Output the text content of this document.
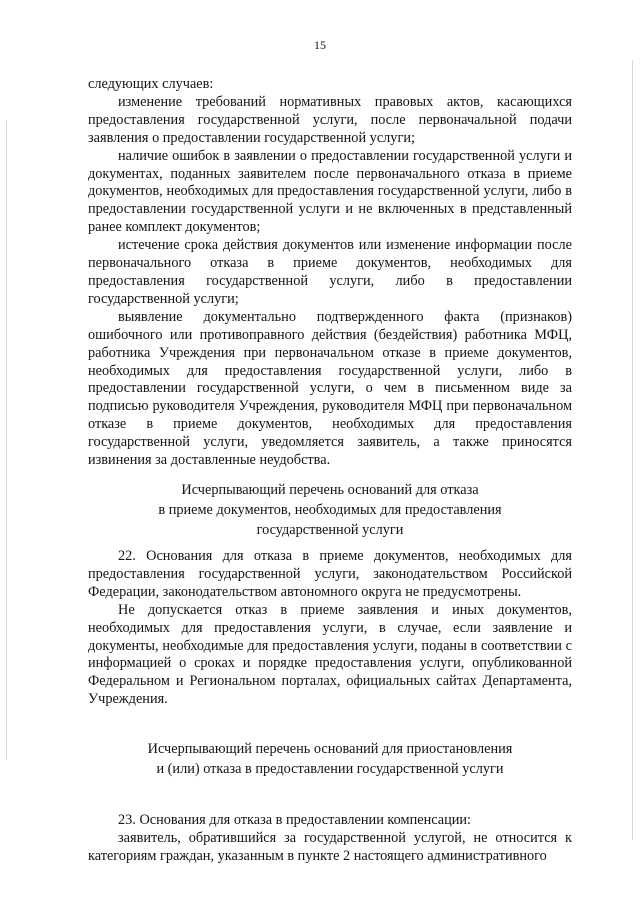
15

следующих случаев:

изменение требований нормативных правовых актов, касающихся предоставления государственной услуги, после первоначальной подачи заявления о предоставлении государственной услуги;

наличие ошибок в заявлении о предоставлении государственной услуги и документах, поданных заявителем после первоначального отказа в приеме документов, необходимых для предоставления государственной услуги, либо в предоставлении государственной услуги и не включенных в представленный ранее комплект документов;

истечение срока действия документов или изменение информации после первоначального отказа в приеме документов, необходимых для предоставления государственной услуги, либо в предоставлении государственной услуги;

выявление документально подтвержденного факта (признаков) ошибочного или противоправного действия (бездействия) работника МФЦ, работника Учреждения при первоначальном отказе в приеме документов, необходимых для предоставления государственной услуги, либо в предоставлении государственной услуги, о чем в письменном виде за подписью руководителя Учреждения, руководителя МФЦ при первоначальном отказе в приеме документов, необходимых для предоставления государственной услуги, уведомляется заявитель, а также приносятся извинения за доставленные неудобства.

Исчерпывающий перечень оснований для отказа

в приеме документов, необходимых для предоставления

государственной услуги

22. Основания для отказа в приеме документов, необходимых для предоставления государственной услуги, законодательством Российской Федерации, законодательством автономного округа не предусмотрены.

Не допускается отказ в приеме заявления и иных документов, необходимых для предоставления услуги, в случае, если заявление и документы, необходимые для предоставления услуги, поданы в соответствии с информацией о сроках и порядке предоставления услуги, опубликованной Федеральном и Региональном порталах, официальных сайтах Департамента, Учреждения.

Исчерпывающий перечень оснований для приостановления

и (или) отказа в предоставлении государственной услуги

23. Основания для отказа в предоставлении компенсации:

заявитель, обратившийся за государственной услугой, не относится к категориям граждан, указанным в пункте 2 настоящего административного
